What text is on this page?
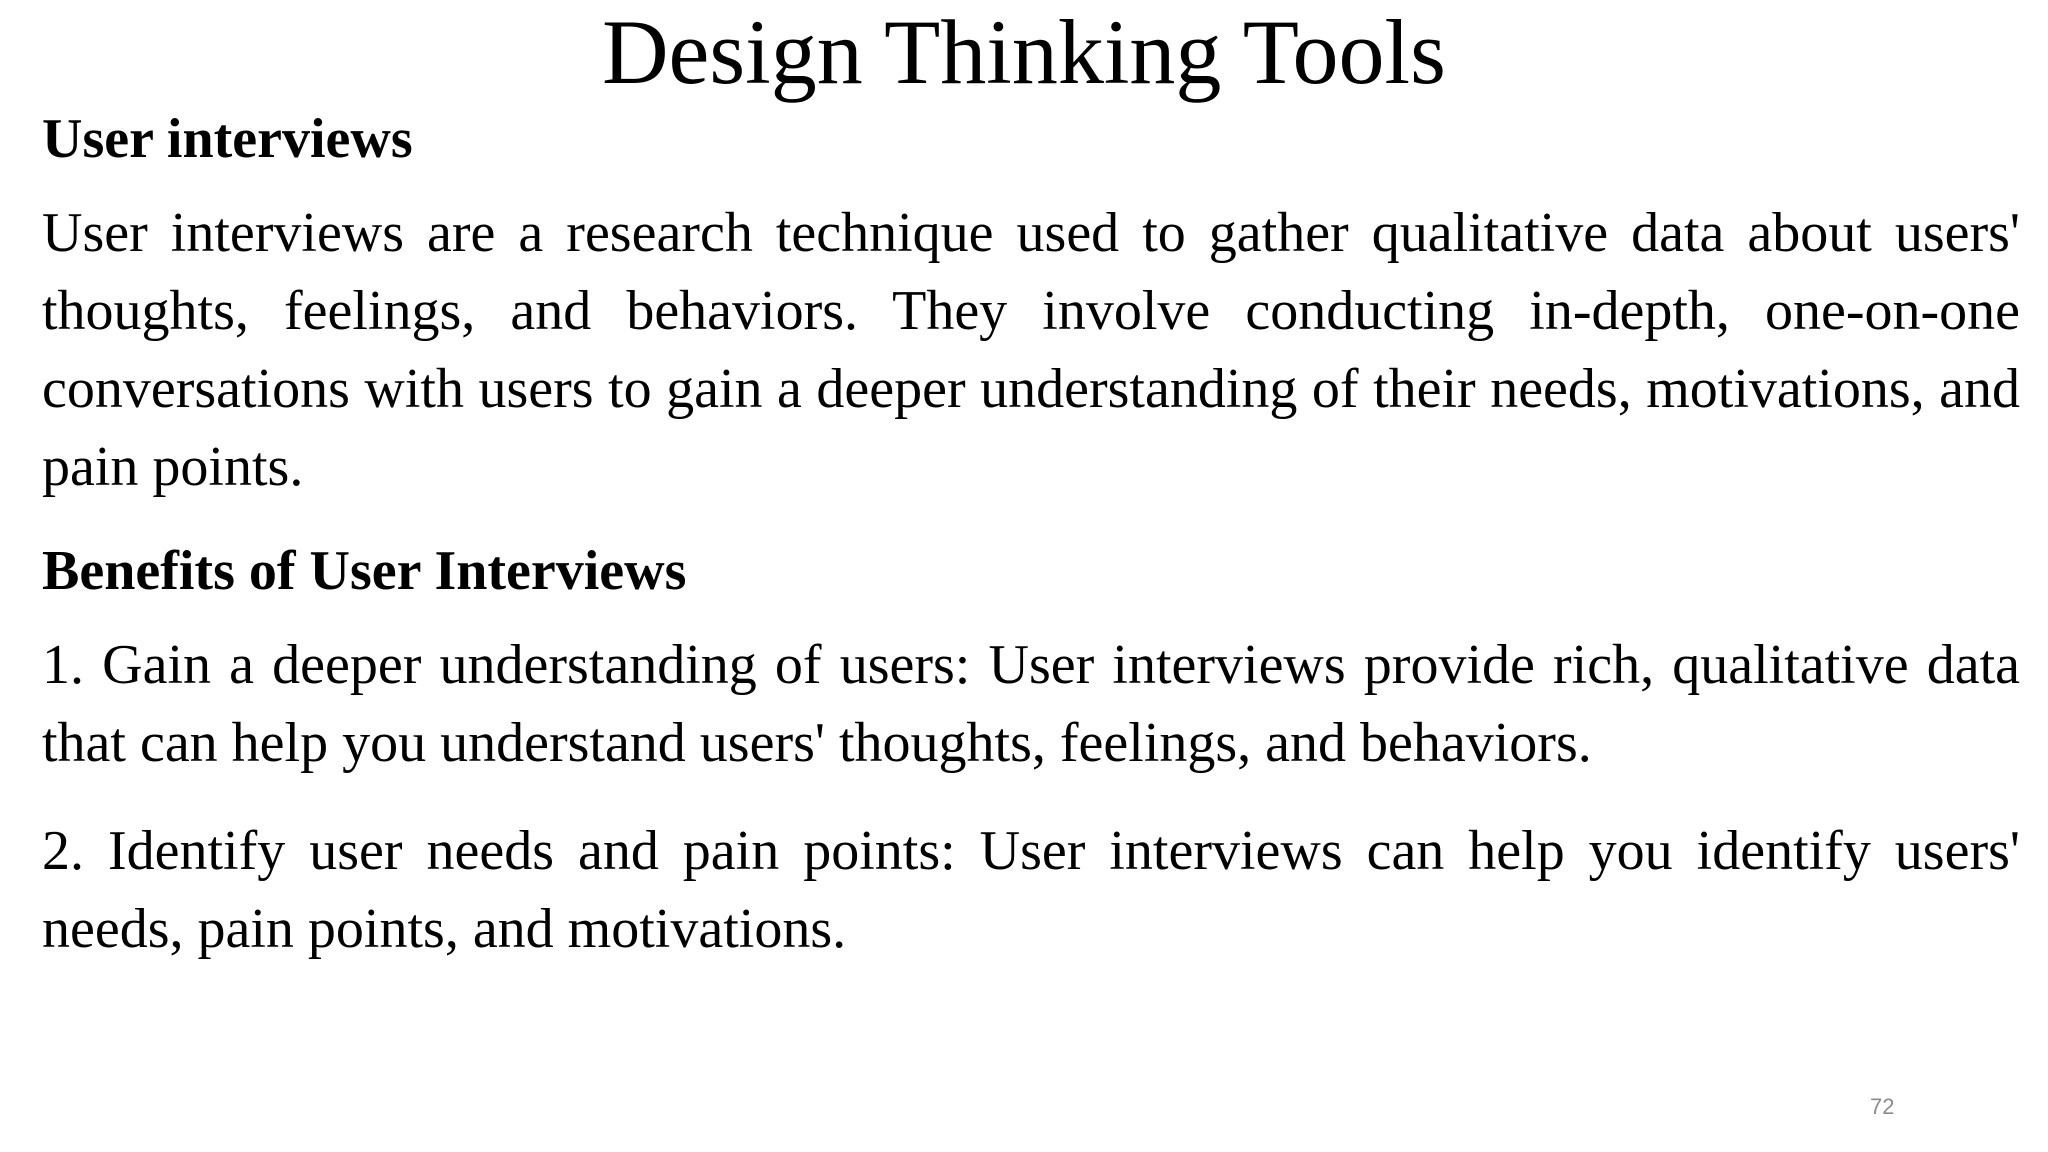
Design Thinking Tools

User interviews

User interviews are a research technique used to gather qualitative data about users' thoughts, feelings, and behaviors. They involve conducting in-depth, one-on-one conversations with users to gain a deeper understanding of their needs, motivations, and pain points.

Benefits of User Interviews

1. Gain a deeper understanding of users: User interviews provide rich, qualitative data that can help you understand users' thoughts, feelings, and behaviors.

2. Identify user needs and pain points: User interviews can help you identify users' needs, pain points, and motivations.

72
